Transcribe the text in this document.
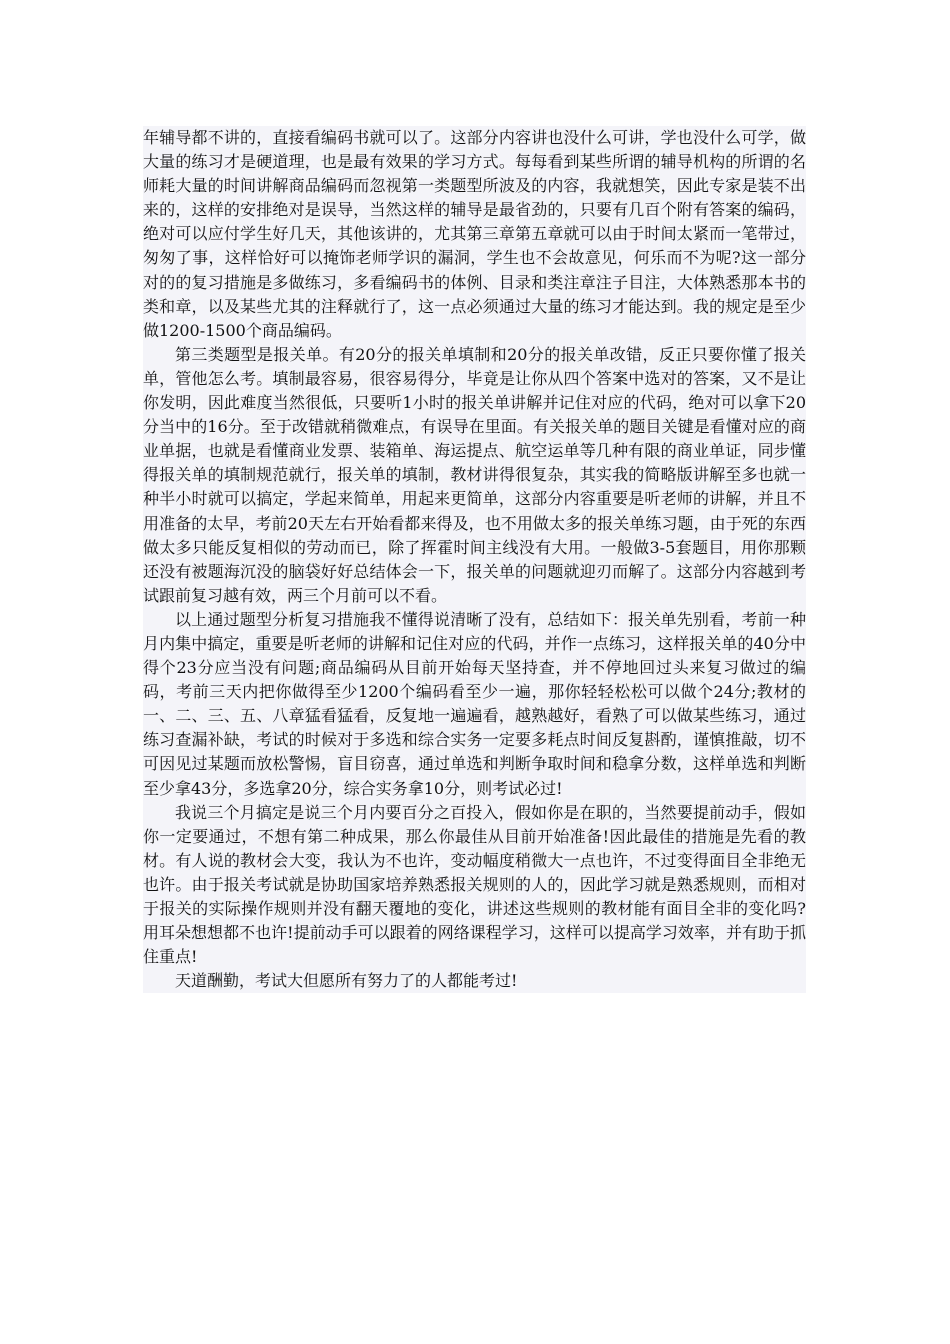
年辅导都不讲的，直接看编码书就可以了。这部分内容讲也没什么可讲，学也没什么可学，做大量的练习才是硬道理，也是最有效果的学习方式。每每看到某些所谓的辅导机构的所谓的名师耗大量的时间讲解商品编码而忽视第一类题型所波及的内容，我就想笑，因此专家是装不出来的，这样的安排绝对是误导，当然这样的辅导是最省劲的，只要有几百个附有答案的编码，绝对可以应付学生好几天，其他该讲的，尤其第三章第五章就可以由于时间太紧而一笔带过，匆匆了事，这样恰好可以掩饰老师学识的漏洞，学生也不会故意见，何乐而不为呢?这一部分对的的复习措施是多做练习，多看编码书的体例、目录和类注章注子目注，大体熟悉那本书的类和章，以及某些尤其的注释就行了，这一点必须通过大量的练习才能达到。我的规定是至少做1200-1500个商品编码。

第三类题型是报关单。有20分的报关单填制和20分的报关单改错，反正只要你懂了报关单，管他怎么考。填制最容易，很容易得分，毕竟是让你从四个答案中选对的答案，又不是让你发明，因此难度当然很低，只要听1小时的报关单讲解并记住对应的代码，绝对可以拿下20分当中的16分。至于改错就稍微难点，有误导在里面。有关报关单的题目关键是看懂对应的商业单据，也就是看懂商业发票、装箱单、海运提点、航空运单等几种有限的商业单证，同步懂得报关单的填制规范就行，报关单的填制，教材讲得很复杂，其实我的简略版讲解至多也就一种半小时就可以搞定，学起来简单，用起来更简单，这部分内容重要是听老师的讲解，并且不用准备的太早，考前20天左右开始看都来得及，也不用做太多的报关单练习题，由于死的东西做太多只能反复相似的劳动而已，除了挥霍时间主线没有大用。一般做3-5套题目，用你那颗还没有被题海沉没的脑袋好好总结体会一下，报关单的问题就迎刃而解了。这部分内容越到考试跟前复习越有效，两三个月前可以不看。

以上通过题型分析复习措施我不懂得说清晰了没有，总结如下：报关单先别看，考前一种月内集中搞定，重要是听老师的讲解和记住对应的代码，并作一点练习，这样报关单的40分中得个23分应当没有问题;商品编码从目前开始每天坚持查，并不停地回过头来复习做过的编码，考前三天内把你做得至少1200个编码看至少一遍，那你轻轻松松可以做个24分;教材的一、二、三、五、八章猛看猛看，反复地一遍遍看，越熟越好，看熟了可以做某些练习，通过练习查漏补缺，考试的时候对于多选和综合实务一定要多耗点时间反复斟酌，谨慎推敲，切不可因见过某题而放松警惕，盲目窃喜，通过单选和判断争取时间和稳拿分数，这样单选和判断至少拿43分，多选拿20分，综合实务拿10分，则考试必过!

我说三个月搞定是说三个月内要百分之百投入，假如你是在职的，当然要提前动手，假如你一定要通过，不想有第二种成果，那么你最佳从目前开始准备!因此最佳的措施是先看的教材。有人说的教材会大变，我认为不也许，变动幅度稍微大一点也许，不过变得面目全非绝无也许。由于报关考试就是协助国家培养熟悉报关规则的人的，因此学习就是熟悉规则，而相对于报关的实际操作规则并没有翻天覆地的变化，讲述这些规则的教材能有面目全非的变化吗?用耳朵想想都不也许!提前动手可以跟着的网络课程学习，这样可以提高学习效率，并有助于抓住重点!

天道酬勤，考试大但愿所有努力了的人都能考过!
